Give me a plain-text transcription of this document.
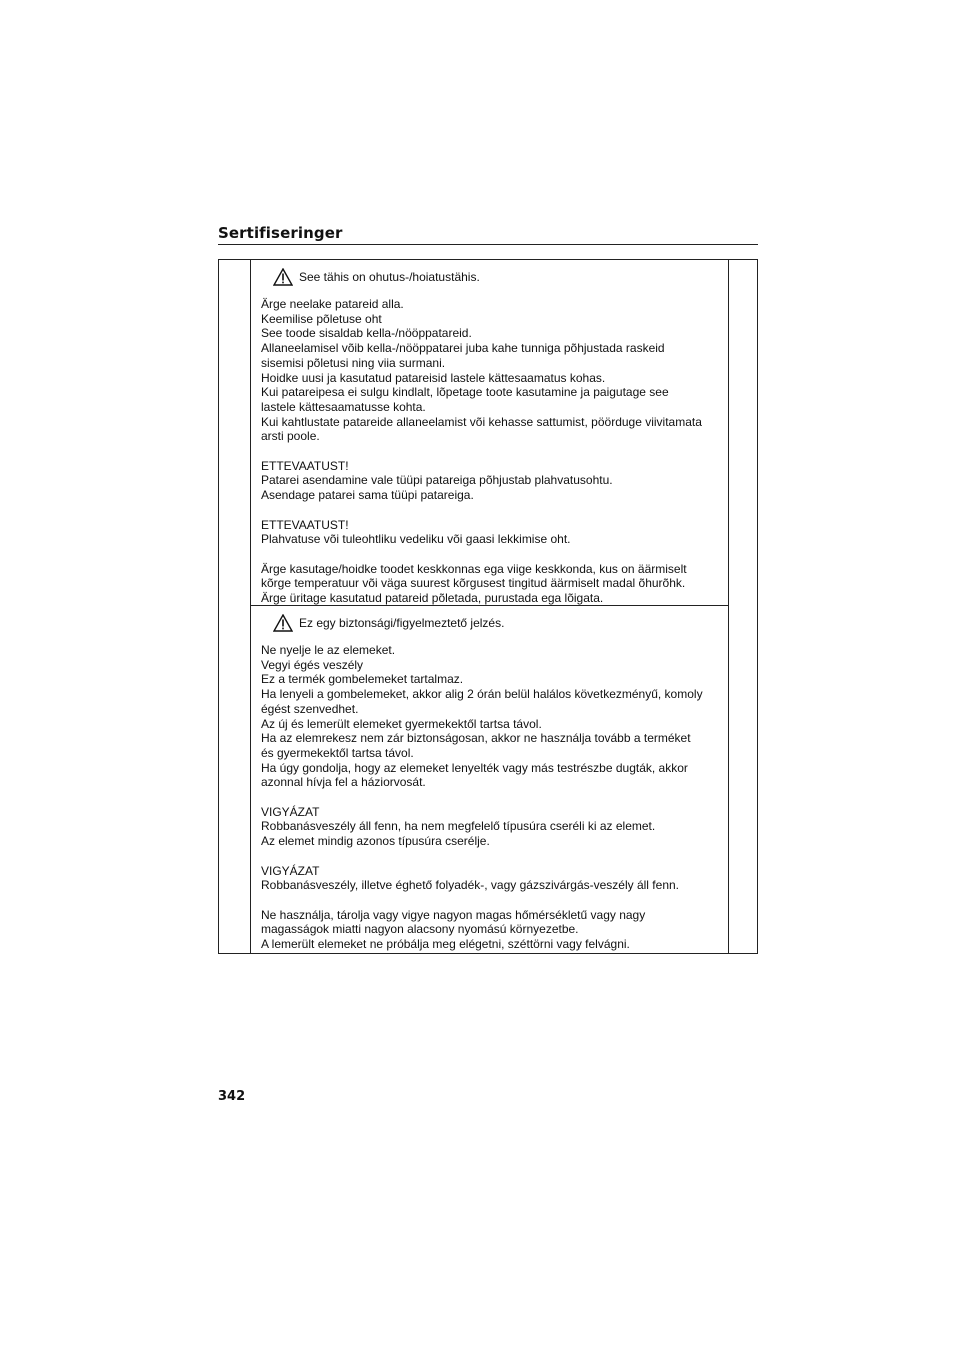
Sertifiseringer
See tähis on ohutus-/hoiatustähis.
Ärge neelake patareid alla.
Keemilise põletuse oht
See toode sisaldab kella-/nööppatareid.
Allaneelamisel võib kella-/nööppatarei juba kahe tunniga põhjustada raskeid
sisemisi põletusi ning viia surmani.
Hoidke uusi ja kasutatud patareisid lastele kättesaamatus kohas.
Kui patareipesa ei sulgu kindlalt, lõpetage toote kasutamine ja paigutage see
lastele kättesaamatusse kohta.
Kui kahtlustate patareide allaneelamist või kehasse sattumist, pöörduge viivitamata
arsti poole.
ETTEVAATUST!
Patarei asendamine vale tüüpi patareiga põhjustab plahvatusohtu.
Asendage patarei sama tüüpi patareiga.
ETTEVAATUST!
Plahvatuse või tuleohtliku vedeliku või gaasi lekkimise oht.
Ärge kasutage/hoidke toodet keskkonnas ega viige keskkonda, kus on äärmiselt
kõrge temperatuur või väga suurest kõrgusest tingitud äärmiselt madal õhurõhk.
Ärge üritage kasutatud patareid põletada, purustada ega lõigata.
Ez egy biztonsági/figyelmeztető jelzés.
Ne nyelje le az elemeket.
Vegyi égés veszély
Ez a termék gombelemeket tartalmaz.
Ha lenyeli a gombelemeket, akkor alig 2 órán belül halálos következményű, komoly
égést szenvedhet.
Az új és lemerült elemeket gyermekektől tartsa távol.
Ha az elemrekesz nem zár biztonságosan, akkor ne használja tovább a terméket
és gyermekektől tartsa távol.
Ha úgy gondolja, hogy az elemeket lenyelték vagy más testrészbe dugták, akkor
azonnal hívja fel a háziorvosát.
VIGYÁZAT
Robbanásveszély áll fenn, ha nem megfelelő típusúra cseréli ki az elemet.
Az elemet mindig azonos típusúra cserélje.
VIGYÁZAT
Robbanásveszély, illetve éghető folyadék-, vagy gázszivárgás-veszély áll fenn.
Ne használja, tárolja vagy vigye nagyon magas hőmérsékletű vagy nagy
magasságok miatti nagyon alacsony nyomású környezetbe.
A lemerült elemeket ne próbálja meg elégetni, széttörni vagy felvágni.
342
